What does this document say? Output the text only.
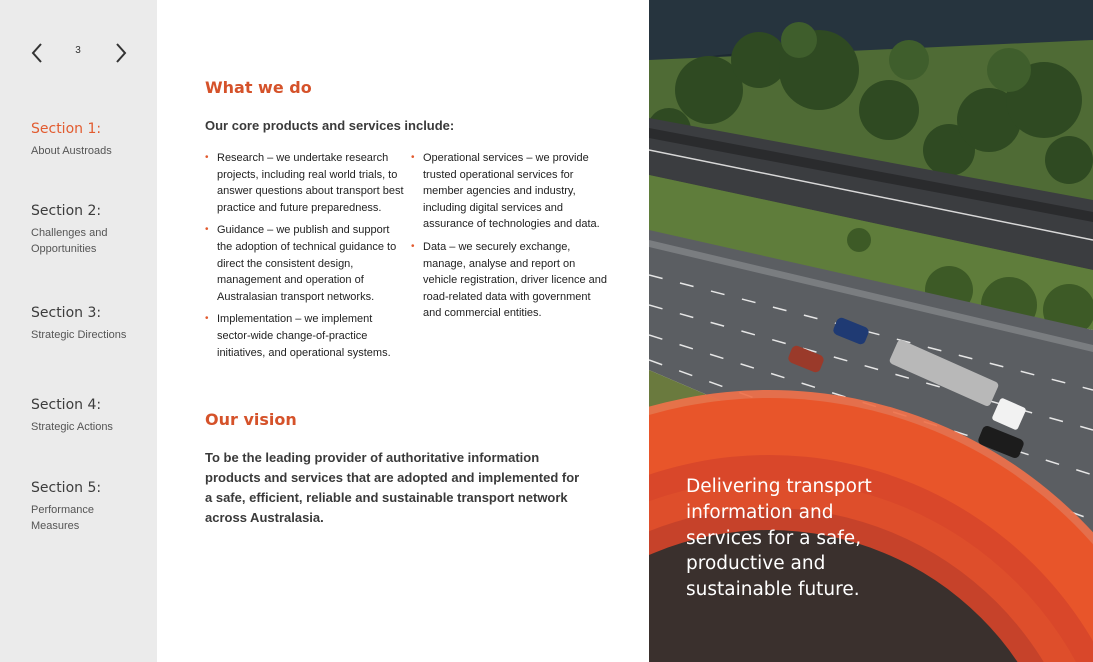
3
Section 1:
About Austroads
Section 2:
Challenges and Opportunities
Section 3:
Strategic Directions
Section 4:
Strategic Actions
Section 5:
Performance Measures
What we do

Our core products and services include:

• Research – we undertake research projects, including real world trials, to answer questions about transport best practice and future preparedness.
• Guidance – we publish and support the adoption of technical guidance to direct the consistent design, management and operation of Australasian transport networks.
• Implementation – we implement sector-wide change-of-practice initiatives, and operational systems.
• Operational services – we provide trusted operational services for member agencies and industry, including digital services and assurance of technologies and data.
• Data – we securely exchange, manage, analyse and report on vehicle registration, driver licence and road-related data with government and commercial entities.
Our vision

To be the leading provider of authoritative information products and services that are adopted and implemented for a safe, efficient, reliable and sustainable transport network across Australasia.

Delivering transport information and services for a safe, productive and sustainable future.
